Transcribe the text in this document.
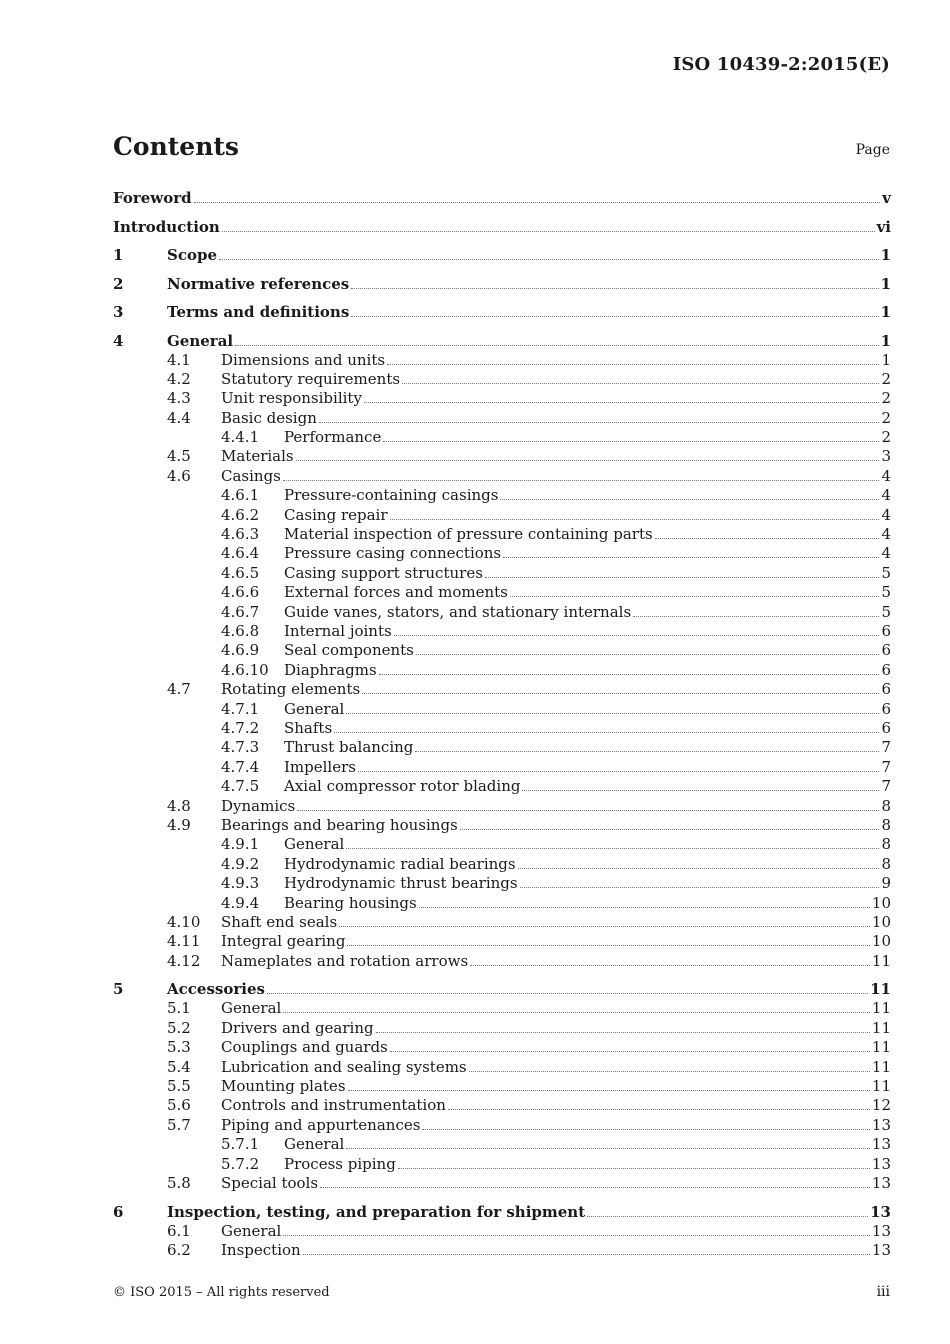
ISO 10439-2:2015(E)
Contents	Page
Foreword	v
Introduction	vi
1	Scope	1
2	Normative references	1
3	Terms and definitions	1
4	General	1
4.1	Dimensions and units	1
4.2	Statutory requirements	2
4.3	Unit responsibility	2
4.4	Basic design	2
4.4.1	Performance	2
4.5	Materials	3
4.6	Casings	4
4.6.1	Pressure-containing casings	4
4.6.2	Casing repair	4
4.6.3	Material inspection of pressure containing parts	4
4.6.4	Pressure casing connections	4
4.6.5	Casing support structures	5
4.6.6	External forces and moments	5
4.6.7	Guide vanes, stators, and stationary internals	5
4.6.8	Internal joints	6
4.6.9	Seal components	6
4.6.10	Diaphragms	6
4.7	Rotating elements	6
4.7.1	General	6
4.7.2	Shafts	6
4.7.3	Thrust balancing	7
4.7.4	Impellers	7
4.7.5	Axial compressor rotor blading	7
4.8	Dynamics	8
4.9	Bearings and bearing housings	8
4.9.1	General	8
4.9.2	Hydrodynamic radial bearings	8
4.9.3	Hydrodynamic thrust bearings	9
4.9.4	Bearing housings	10
4.10	Shaft end seals	10
4.11	Integral gearing	10
4.12	Nameplates and rotation arrows	11
5	Accessories	11
5.1	General	11
5.2	Drivers and gearing	11
5.3	Couplings and guards	11
5.4	Lubrication and sealing systems	11
5.5	Mounting plates	11
5.6	Controls and instrumentation	12
5.7	Piping and appurtenances	13
5.7.1	General	13
5.7.2	Process piping	13
5.8	Special tools	13
6	Inspection, testing, and preparation for shipment	13
6.1	General	13
6.2	Inspection	13
© ISO 2015 – All rights reserved	iii
